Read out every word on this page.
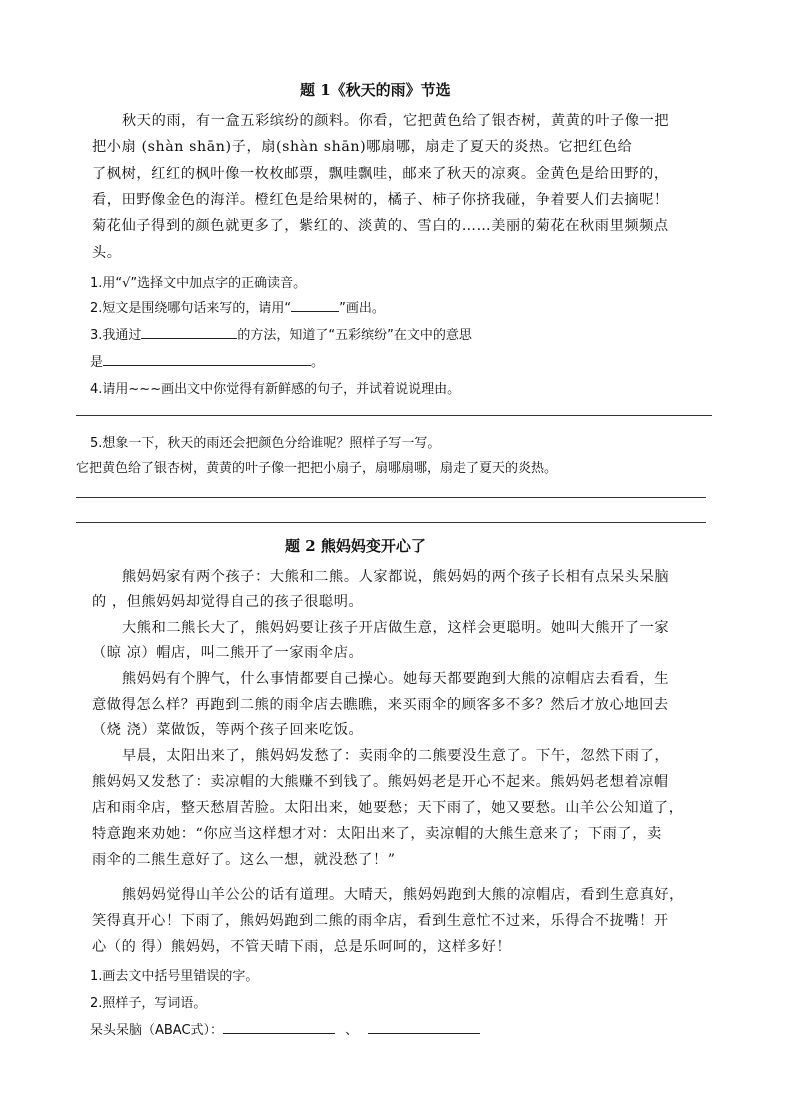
题 1《秋天的雨》节选
秋天的雨，有一盒五彩缤纷的颜料。你看，它把黄色给了银杏树，黄黄的叶子像一把
把小扇 (shàn shān)子，扇(shàn shān)哪扇哪，扇走了夏天的炎热。它把红色给
了枫树，红红的枫叶像一枚枚邮票，飘哇飘哇，邮来了秋天的凉爽。金黄色是给田野的，
看，田野像金色的海洋。橙红色是给果树的，橘子、柿子你挤我碰，争着要人们去摘呢！
菊花仙子得到的颜色就更多了，紫红的、淡黄的、雪白的……美丽的菊花在秋雨里频频点
头。
1.用“√”选择文中加点字的正确读音。
2.短文是围绕哪句话来写的，请用“	”画出。
3.我通过	的方法，知道了“五彩缤纷”在文中的意思
是	。
4.请用~~~画出文中你觉得有新鲜感的句子，并试着说说理由。
5.想象一下，秋天的雨还会把颜色分给谁呢？照样子写一写。
它把黄色给了银杏树，黄黄的叶子像一把把小扇子，扇哪扇哪，扇走了夏天的炎热。
题 2 熊妈妈变开心了
熊妈妈家有两个孩子：大熊和二熊。人家都说，熊妈妈的两个孩子长相有点呆头呆脑
的 ，但熊妈妈却觉得自己的孩子很聪明。
大熊和二熊长大了，熊妈妈要让孩子开店做生意，这样会更聪明。她叫大熊开了一家
（晾 凉）帽店，叫二熊开了一家雨伞店。
熊妈妈有个脾气，什么事情都要自己操心。她每天都要跑到大熊的凉帽店去看看，生
意做得怎么样？再跑到二熊的雨伞店去瞧瞧，来买雨伞的顾客多不多？然后才放心地回去
（烧 浇）菜做饭，等两个孩子回来吃饭。
早晨，太阳出来了，熊妈妈发愁了：卖雨伞的二熊要没生意了。下午，忽然下雨了，
熊妈妈又发愁了：卖凉帽的大熊赚不到钱了。熊妈妈老是开心不起来。熊妈妈老想着凉帽
店和雨伞店，整天愁眉苦脸。太阳出来，她要愁；天下雨了，她又要愁。山羊公公知道了，
特意跑来劝她：“你应当这样想才对：太阳出来了，卖凉帽的大熊生意来了；下雨了，卖
雨伞的二熊生意好了。这么一想，就没愁了！”
熊妈妈觉得山羊公公的话有道理。大晴天，熊妈妈跑到大熊的凉帽店，看到生意真好，
笑得真开心！下雨了，熊妈妈跑到二熊的雨伞店，看到生意忙不过来，乐得合不拢嘴！开
心（的 得）熊妈妈，不管天晴下雨，总是乐呵呵的，这样多好！
1.画去文中括号里错误的字。
2.照样子，写词语。
呆头呆脑（ABAC式）：	、
